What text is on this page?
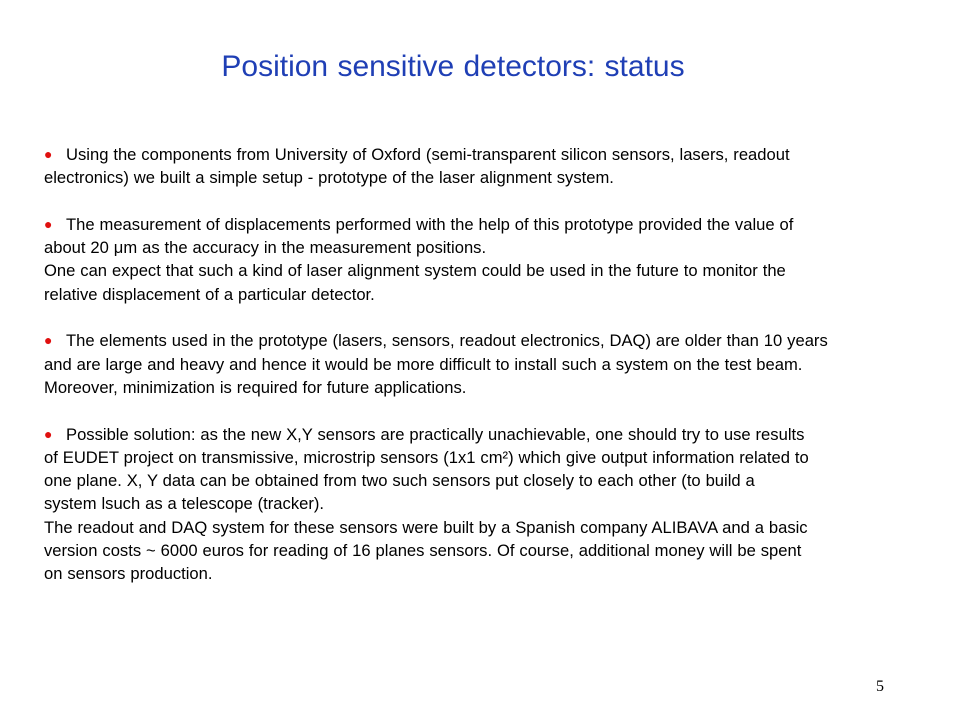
Position sensitive detectors: status

● Using the components from University of Oxford (semi-transparent silicon sensors, lasers, readout

electronics) we built a simple setup - prototype of the laser alignment system.

● The measurement of displacements performed with the help of this prototype provided the value of

about 20 μm as the accuracy in the measurement positions.

One can expect that such a kind of laser alignment system could be used in the future to monitor the

relative displacement of a particular detector.

● The elements used in the prototype (lasers, sensors, readout electronics, DAQ) are older than 10 years

and are large and heavy and hence it would be more difficult to install such a system on the test beam.

Moreover, minimization is required for future applications.

● Possible solution: as the new X,Y sensors are practically unachievable, one should try to use results

of EUDET project on transmissive, microstrip sensors (1x1 cm²) which give output information related to

one plane. X, Y data can be obtained from two such sensors put closely to each other (to build a

system lsuch as a telescope (tracker).

The readout and DAQ system for these sensors were built by a Spanish company ALIBAVA and a basic

version costs ~ 6000 euros for reading of 16 planes sensors. Of course, additional money will be spent

on sensors production.

5
